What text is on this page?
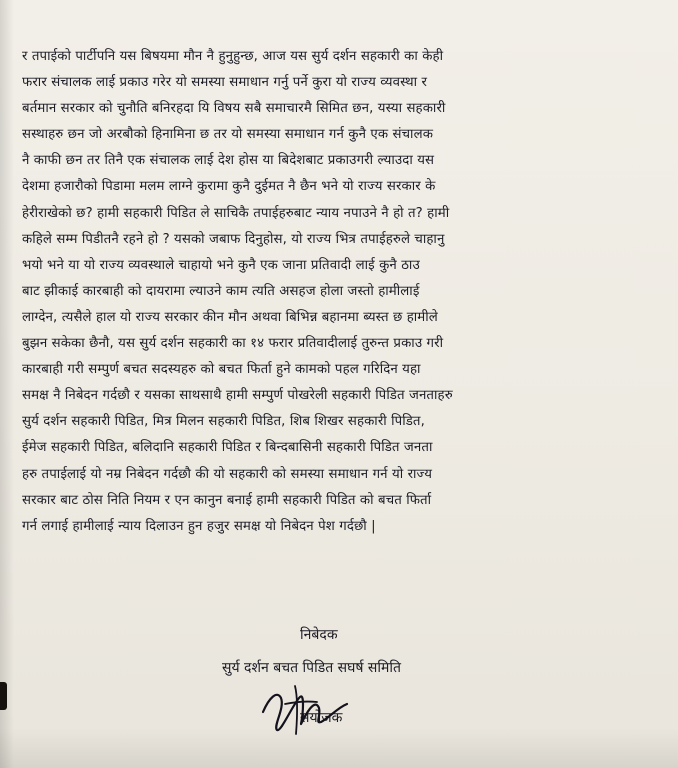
र तपाईको पार्टीपनि यस बिषयमा मौन नै हुनुहुन्छ, आज यस सुर्य दर्शन सहकारी का केही
फरार संचालक लाई प्रकाउ गरेर यो समस्या समाधान गर्नु पर्ने कुरा यो राज्य व्यवस्था र
बर्तमान सरकार को चुनौति बनिरहदा यि विषय सबै समाचारमै सिमित छन, यस्या सहकारी
सस्थाहरु छन जो अरबौको हिनामिना छ तर यो समस्या समाधान गर्न कुनै एक संचालक
नै काफी छन तर तिनै एक संचालक लाई देश होस या बिदेशबाट प्रकाउगरी ल्याउदा यस
देशमा हजारौको पिडामा मलम लाग्ने कुरामा कुनै दुईमत नै छैन भने यो राज्य सरकार के
हेरीराखेको छ? हामी सहकारी पिडित ले साचिकै तपाईहरुबाट न्याय नपाउने नै हो त? हामी
कहिले सम्म पिडीतनै रहने हो ? यसको जबाफ दिनुहोस, यो राज्य भित्र तपाईहरुले चाहानु
भयो भने या यो राज्य व्यवस्थाले चाहायो भने कुनै एक जाना प्रतिवादी लाई कुनै ठाउ
बाट झीकाई कारबाही को दायरामा ल्याउने काम त्यति असहज होला जस्तो हामीलाई
लाग्देन, त्यसैले हाल यो राज्य सरकार कीन मौन अथवा बिभिन्न बहानमा ब्यस्त छ हामीले
बुझन सकेका छैनौ, यस सुर्य दर्शन सहकारी का १४ फरार प्रतिवादीलाई तुरुन्त प्रकाउ गरी
कारबाही गरी सम्पुर्ण बचत सदस्यहरु को बचत फिर्ता हुने कामको पहल गरिदिन यहा
समक्ष नै निबेदन गर्दछौ र यसका साथसाथै हामी सम्पुर्ण पोखरेली सहकारी पिडित जनताहरु
सुर्य दर्शन सहकारी पिडित, मित्र मिलन सहकारी पिडित, शिब शिखर सहकारी पिडित,
ईमेज सहकारी पिडित, बलिदानि सहकारी पिडित र बिन्दबासिनी सहकारी पिडित जनता
हरु तपाईलाई यो नम्र निबेदन गर्दछौ की यो सहकारी को समस्या समाधान गर्न यो राज्य
सरकार बाट ठोस निति नियम र एन कानुन बनाई हामी सहकारी पिडित को बचत फिर्ता
गर्न लगाई हामीलाई न्याय दिलाउन हुन हजुर समक्ष यो निबेदन पेश गर्दछौ |
निबेदक
सुर्य दर्शन बचत पिडित सघर्ष समिति
संयोजक
